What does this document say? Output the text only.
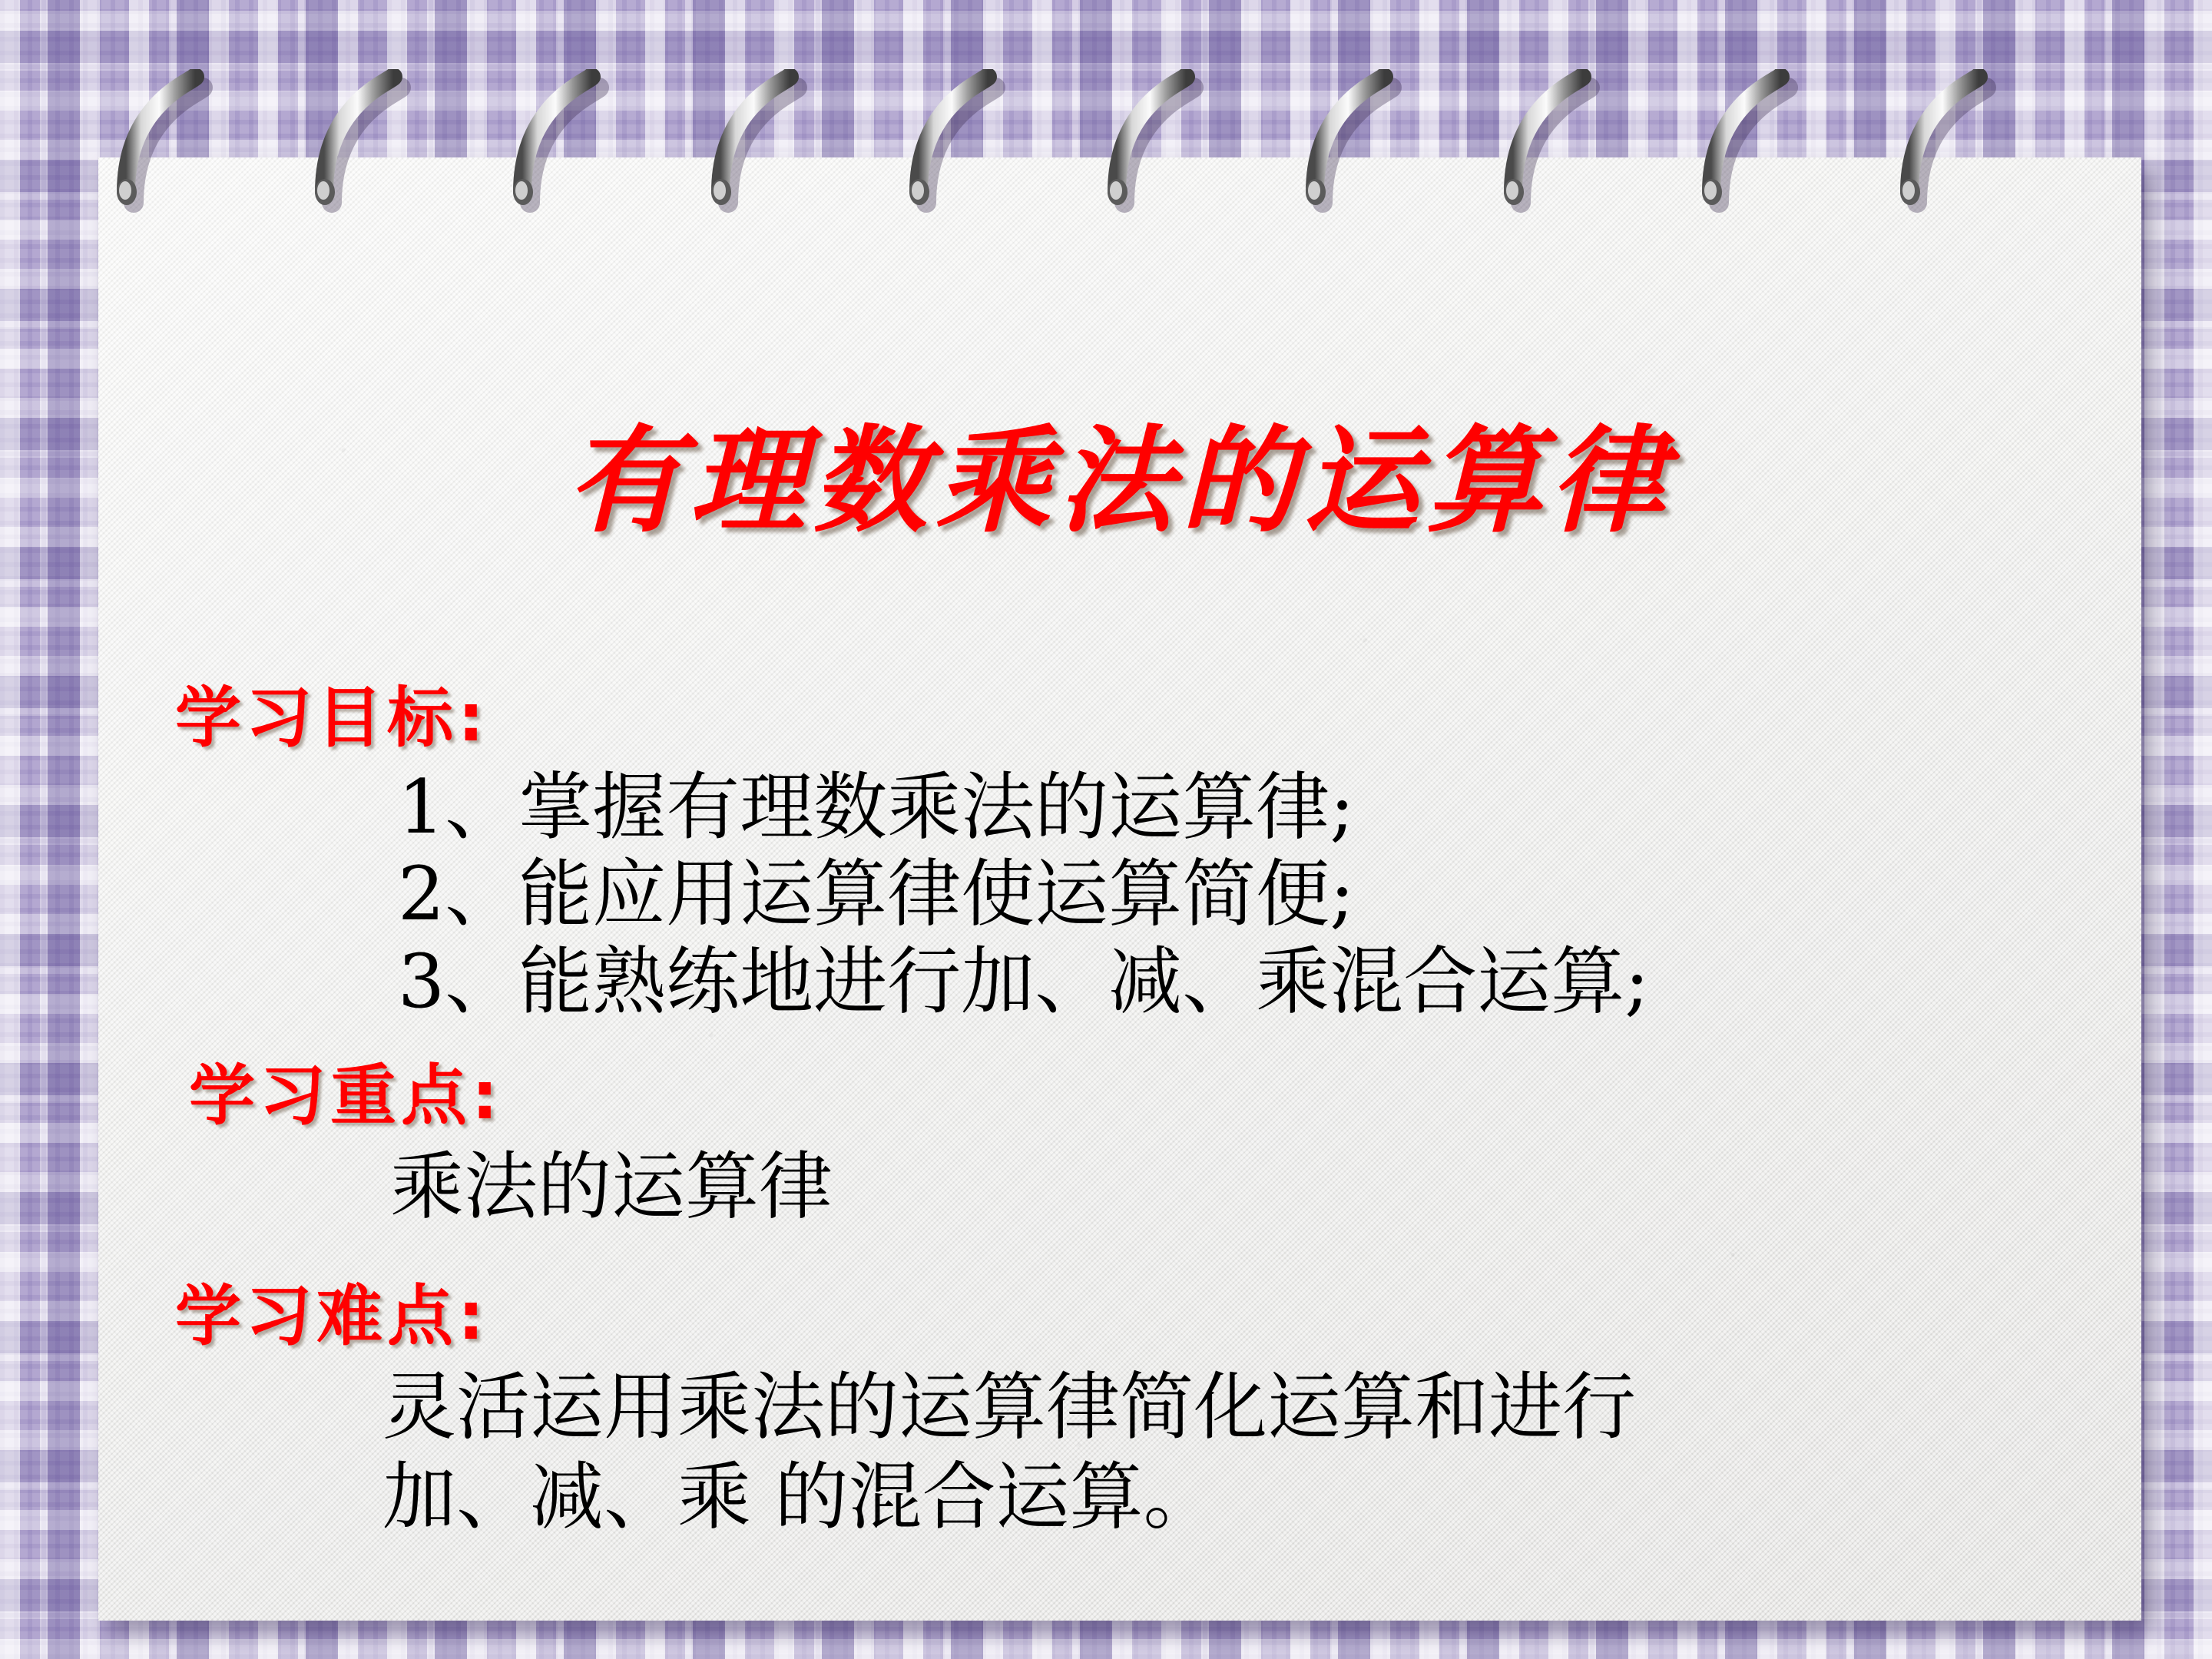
有理数乘法的运算律
学习目标:
1、掌握有理数乘法的运算律;
2、能应用运算律使运算简便;
3、能熟练地进行加、减、乘混合运算;
学习重点:
乘法的运算律
学习难点:
灵活运用乘法的运算律简化运算和进行
加、减、乘 的混合运算。
